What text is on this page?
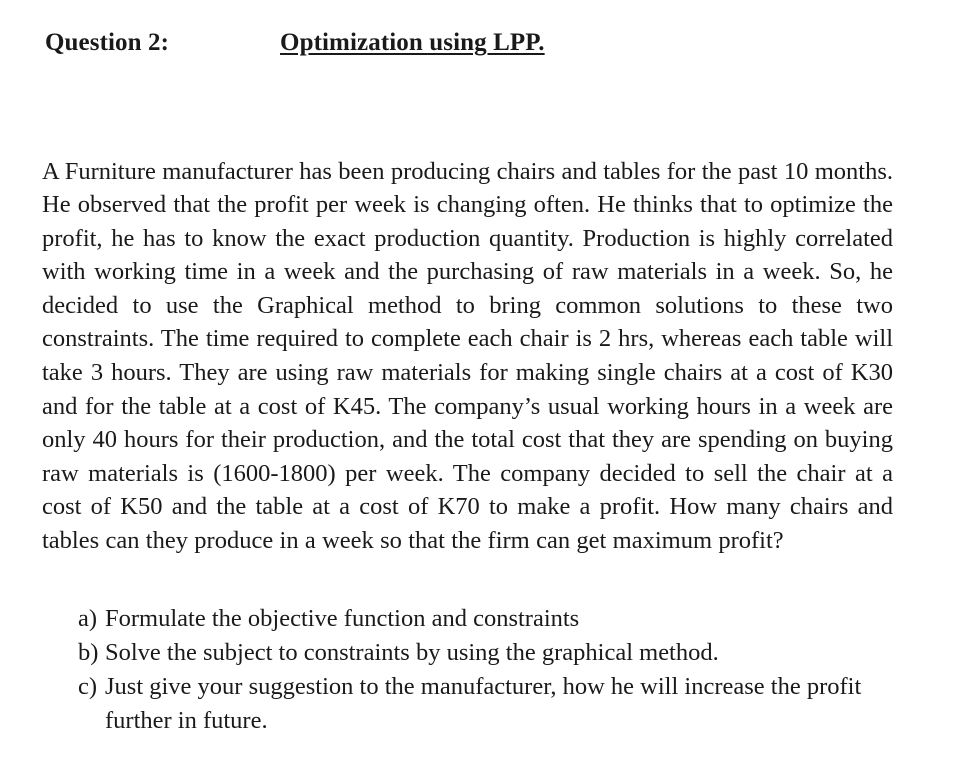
Question 2:	Optimization using LPP.

A Furniture manufacturer has been producing chairs and tables for the past 10 months. He observed that the profit per week is changing often. He thinks that to optimize the profit, he has to know the exact production quantity. Production is highly correlated with working time in a week and the purchasing of raw materials in a week. So, he decided to use the Graphical method to bring common solutions to these two constraints. The time required to complete each chair is 2 hrs, whereas each table will take 3 hours. They are using raw materials for making single chairs at a cost of K30 and for the table at a cost of K45. The company’s usual working hours in a week are only 40 hours for their production, and the total cost that they are spending on buying raw materials is (1600-1800) per week. The company decided to sell the chair at a cost of K50 and the table at a cost of K70 to make a profit. How many chairs and tables can they produce in a week so that the firm can get maximum profit?

a) Formulate the objective function and constraints
b) Solve the subject to constraints by using the graphical method.
c) Just give your suggestion to the manufacturer, how he will increase the profit further in future.
